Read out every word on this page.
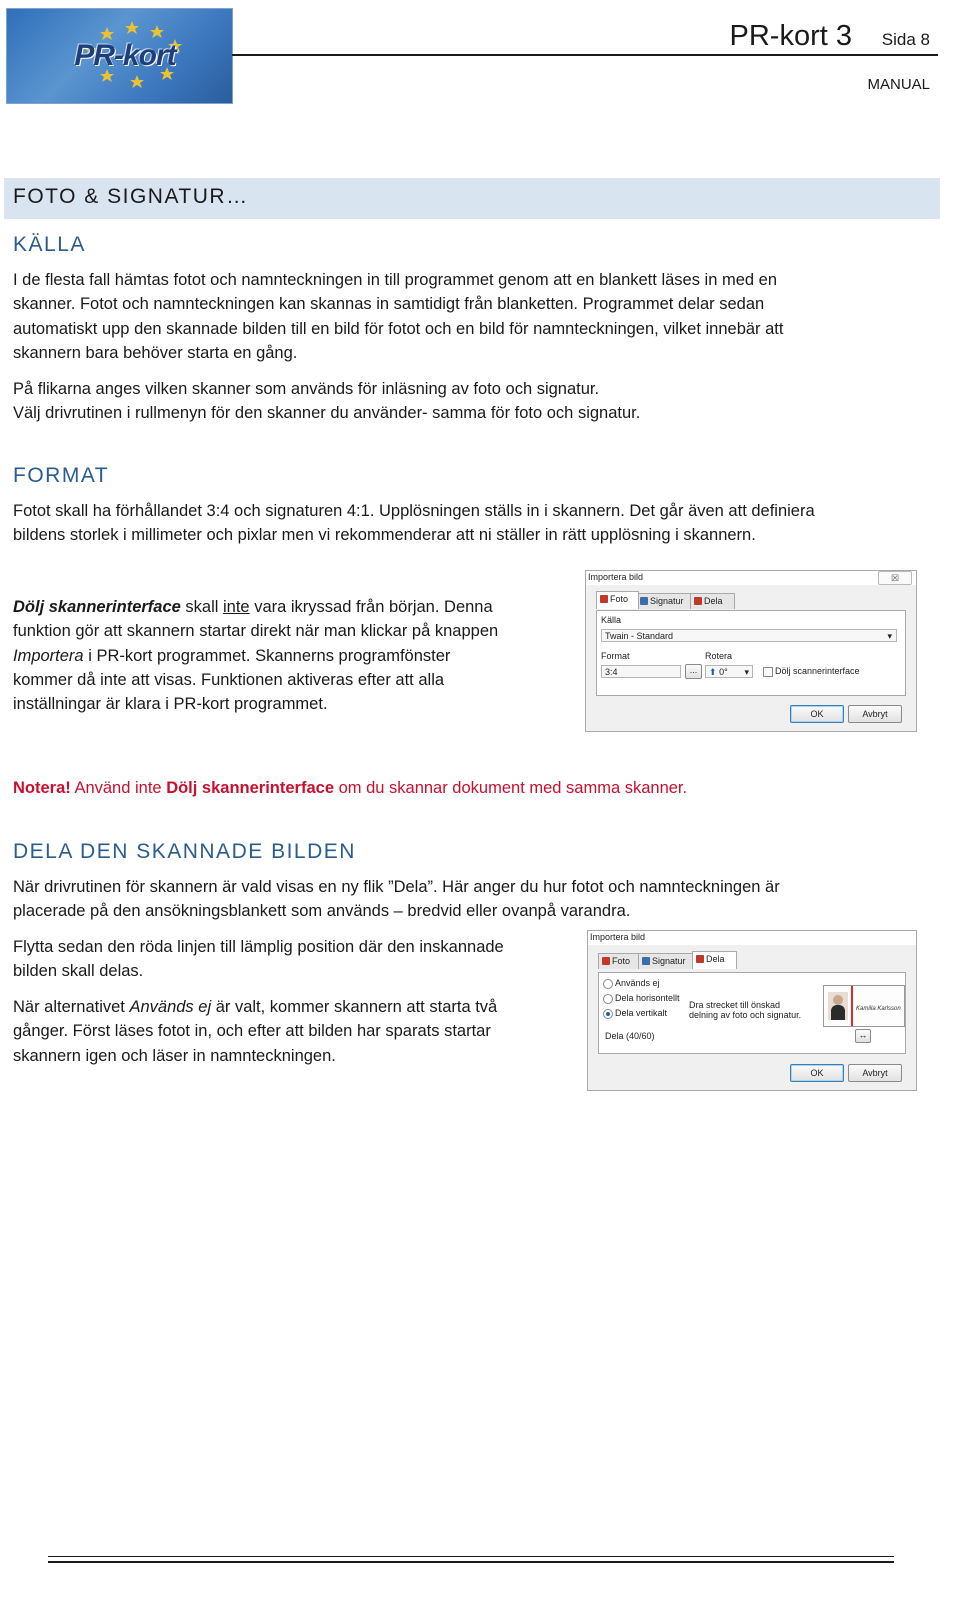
PR-kort
PR-kort 3 Sida 8
MANUAL
FOTO & SIGNATUR…
KÄLLA
I de flesta fall hämtas fotot och namnteckningen in till programmet genom att en blankett läses in med en
skanner. Fotot och namnteckningen kan skannas in samtidigt från blanketten. Programmet delar sedan
automatiskt upp den skannade bilden till en bild för fotot och en bild för namnteckningen, vilket innebär att
skannern bara behöver starta en gång.
På flikarna anges vilken skanner som används för inläsning av foto och signatur.
Välj drivrutinen i rullmenyn för den skanner du använder- samma för foto och signatur.
FORMAT
Fotot skall ha förhållandet 3:4 och signaturen 4:1. Upplösningen ställs in i skannern. Det går även att definiera
bildens storlek i millimeter och pixlar men vi rekommenderar att ni ställer in rätt upplösning i skannern.
Dölj skannerinterface skall inte vara ikryssad från början. Denna
funktion gör att skannern startar direkt när man klickar på knappen
Importera i PR-kort programmet. Skannerns programfönster
kommer då inte att visas. Funktionen aktiveras efter att alla
inställningar är klara i PR-kort programmet.
Importera bild	☒
Foto	Signatur	Dela
Källa
Twain - Standard	▾
Format
3:4	...
Rotera
⬆ 0° ▾	Dölj scannerinterface
OK	Avbryt
Notera! Använd inte Dölj skannerinterface om du skannar dokument med samma skanner.
DELA DEN SKANNADE BILDEN
När drivrutinen för skannern är vald visas en ny flik ”Dela”. Här anger du hur fotot och namnteckningen är
placerade på den ansökningsblankett som används – bredvid eller ovanpå varandra.
Flytta sedan den röda linjen till lämplig position där den inskannade
bilden skall delas.
När alternativet Används ej är valt, kommer skannern att starta två
gånger. Först läses fotot in, och efter att bilden har sparats startar
skannern igen och läser in namnteckningen.
Importera bild
Foto	Signatur	Dela
Används ej
Dela horisontellt
Dela vertikalt
Dra strecket till önskad delning av foto och signatur.
Dela (40/60)
Kamilla Karlsson
↔
OK	Avbryt
